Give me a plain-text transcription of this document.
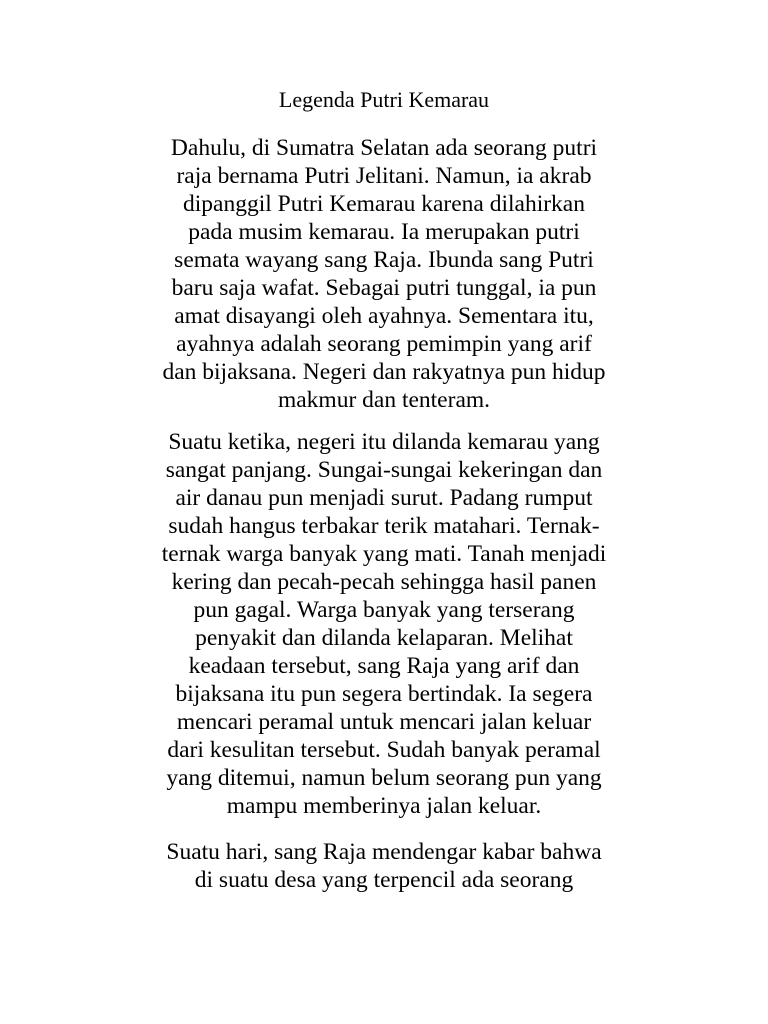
Legenda Putri Kemarau

Dahulu, di Sumatra Selatan ada seorang putri

raja bernama Putri Jelitani. Namun, ia akrab

dipanggil Putri Kemarau karena dilahirkan

pada musim kemarau. Ia merupakan putri

semata wayang sang Raja. Ibunda sang Putri

baru saja wafat. Sebagai putri tunggal, ia pun

amat disayangi oleh ayahnya. Sementara itu,

ayahnya adalah seorang pemimpin yang arif

dan bijaksana. Negeri dan rakyatnya pun hidup

makmur dan tenteram.

Suatu ketika, negeri itu dilanda kemarau yang

sangat panjang. Sungai-sungai kekeringan dan

air danau pun menjadi surut. Padang rumput

sudah hangus terbakar terik matahari. Ternak-

ternak warga banyak yang mati. Tanah menjadi

kering dan pecah-pecah sehingga hasil panen

pun gagal. Warga banyak yang terserang

penyakit dan dilanda kelaparan. Melihat

keadaan tersebut, sang Raja yang arif dan

bijaksana itu pun segera bertindak. Ia segera

mencari peramal untuk mencari jalan keluar

dari kesulitan tersebut. Sudah banyak peramal

yang ditemui, namun belum seorang pun yang

mampu memberinya jalan keluar.

Suatu hari, sang Raja mendengar kabar bahwa

di suatu desa yang terpencil ada seorang
